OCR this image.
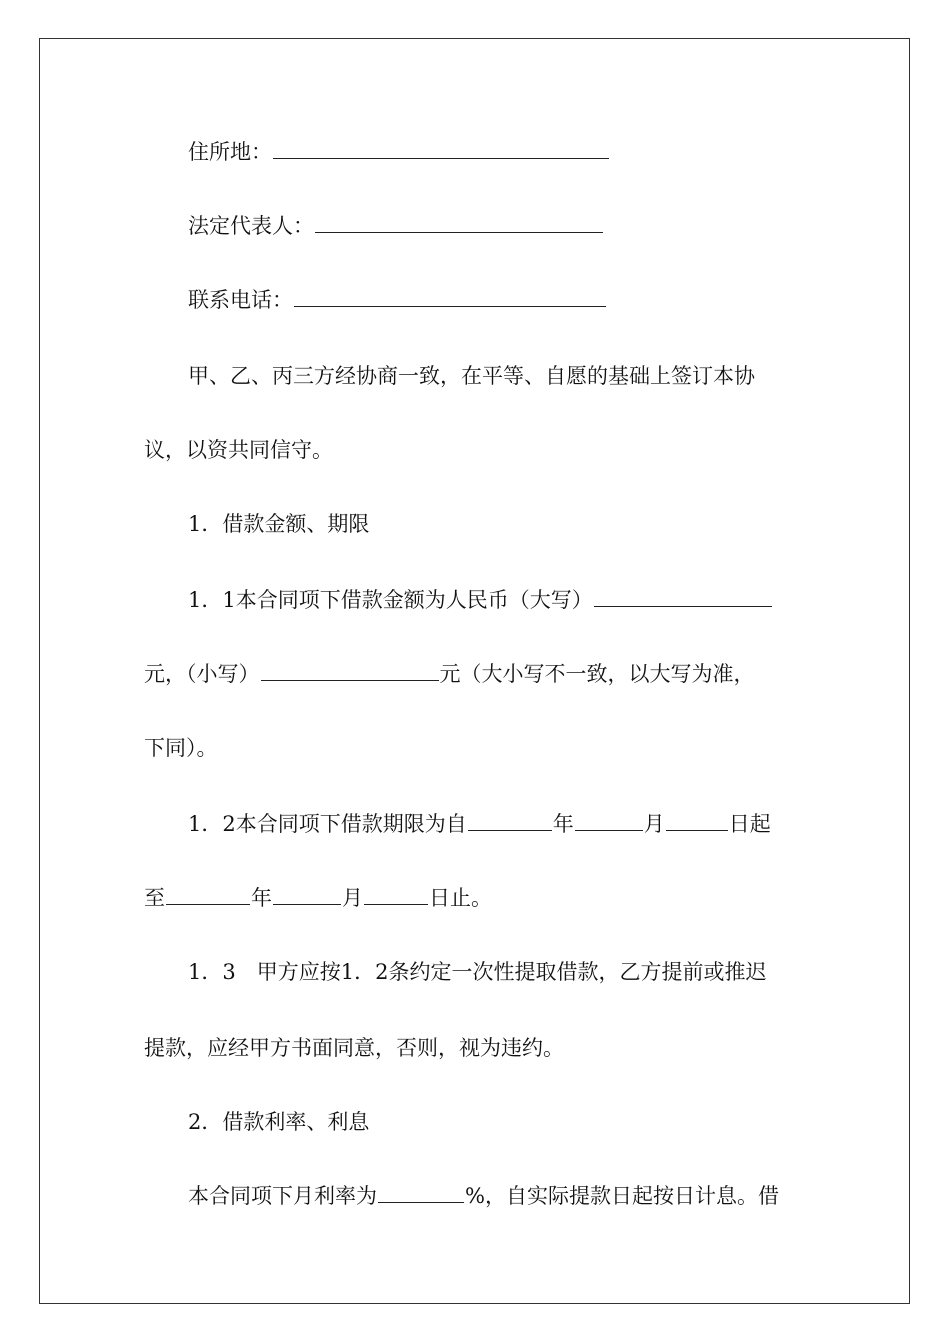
住所地：
法定代表人：
联系电话：
甲、乙、丙三方经协商一致，在平等、自愿的基础上签订本协
议，以资共同信守。
1．借款金额、期限
1．1本合同项下借款金额为人民币（大写）
元，（小写）	元（大小写不一致，以大写为准，
下同）。
1．2本合同项下借款期限为自	年	月	日起
至	年	月	日止。
1．3　甲方应按1．2条约定一次性提取借款，乙方提前或推迟
提款，应经甲方书面同意，否则，视为违约。
2．借款利率、利息
本合同项下月利率为	%，自实际提款日起按日计息。借
